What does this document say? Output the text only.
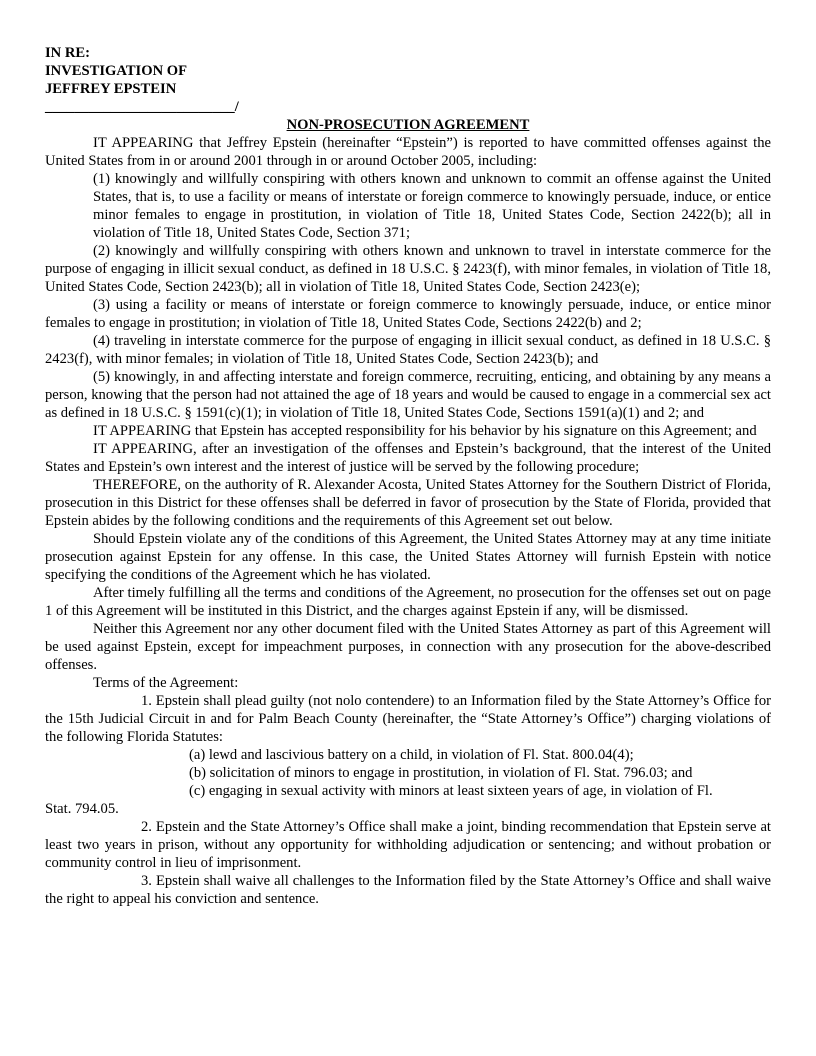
IN RE:
INVESTIGATION OF
JEFFREY EPSTEIN
__________________________/
NON-PROSECUTION AGREEMENT

IT APPEARING that Jeffrey Epstein (hereinafter “Epstein”) is reported to have committed offenses against the United States from in or around 2001 through in or around October 2005, including:

(1) knowingly and willfully conspiring with others known and unknown to commit an offense against the United States, that is, to use a facility or means of interstate or foreign commerce to knowingly persuade, induce, or entice minor females to engage in prostitution, in violation of Title 18, United States Code, Section 2422(b); all in violation of Title 18, United States Code, Section 371;

(2) knowingly and willfully conspiring with others known and unknown to travel in interstate commerce for the purpose of engaging in illicit sexual conduct, as defined in 18 U.S.C. § 2423(f), with minor females, in violation of Title 18, United States Code, Section 2423(b); all in violation of Title 18, United States Code, Section 2423(e);

(3) using a facility or means of interstate or foreign commerce to knowingly persuade, induce, or entice minor females to engage in prostitution; in violation of Title 18, United States Code, Sections 2422(b) and 2;

(4) traveling in interstate commerce for the purpose of engaging in illicit sexual conduct, as defined in 18 U.S.C. § 2423(f), with minor females; in violation of Title 18, United States Code, Section 2423(b); and

(5) knowingly, in and affecting interstate and foreign commerce, recruiting, enticing, and obtaining by any means a person, knowing that the person had not attained the age of 18 years and would be caused to engage in a commercial sex act as defined in 18 U.S.C. § 1591(c)(1); in violation of Title 18, United States Code, Sections 1591(a)(1) and 2; and

IT APPEARING that Epstein has accepted responsibility for his behavior by his signature on this Agreement; and

IT APPEARING, after an investigation of the offenses and Epstein’s background, that the interest of the United States and Epstein’s own interest and the interest of justice will be served by the following procedure;

THEREFORE, on the authority of R. Alexander Acosta, United States Attorney for the Southern District of Florida, prosecution in this District for these offenses shall be deferred in favor of prosecution by the State of Florida, provided that Epstein abides by the following conditions and the requirements of this Agreement set out below.

Should Epstein violate any of the conditions of this Agreement, the United States Attorney may at any time initiate prosecution against Epstein for any offense. In this case, the United States Attorney will furnish Epstein with notice specifying the conditions of the Agreement which he has violated.

After timely fulfilling all the terms and conditions of the Agreement, no prosecution for the offenses set out on page 1 of this Agreement will be instituted in this District, and the charges against Epstein if any, will be dismissed.

Neither this Agreement nor any other document filed with the United States Attorney as part of this Agreement will be used against Epstein, except for impeachment purposes, in connection with any prosecution for the above-described offenses.

Terms of the Agreement:

1. Epstein shall plead guilty (not nolo contendere) to an Information filed by the State Attorney’s Office for the 15th Judicial Circuit in and for Palm Beach County (hereinafter, the “State Attorney’s Office”) charging violations of the following Florida Statutes:

(a) lewd and lascivious battery on a child, in violation of Fl. Stat. 800.04(4);

(b) solicitation of minors to engage in prostitution, in violation of Fl. Stat. 796.03; and

(c) engaging in sexual activity with minors at least sixteen years of age, in violation of Fl.

Stat. 794.05.

2. Epstein and the State Attorney’s Office shall make a joint, binding recommendation that Epstein serve at least two years in prison, without any opportunity for withholding adjudication or sentencing; and without probation or community control in lieu of imprisonment.

3. Epstein shall waive all challenges to the Information filed by the State Attorney’s Office and shall waive the right to appeal his conviction and sentence.
